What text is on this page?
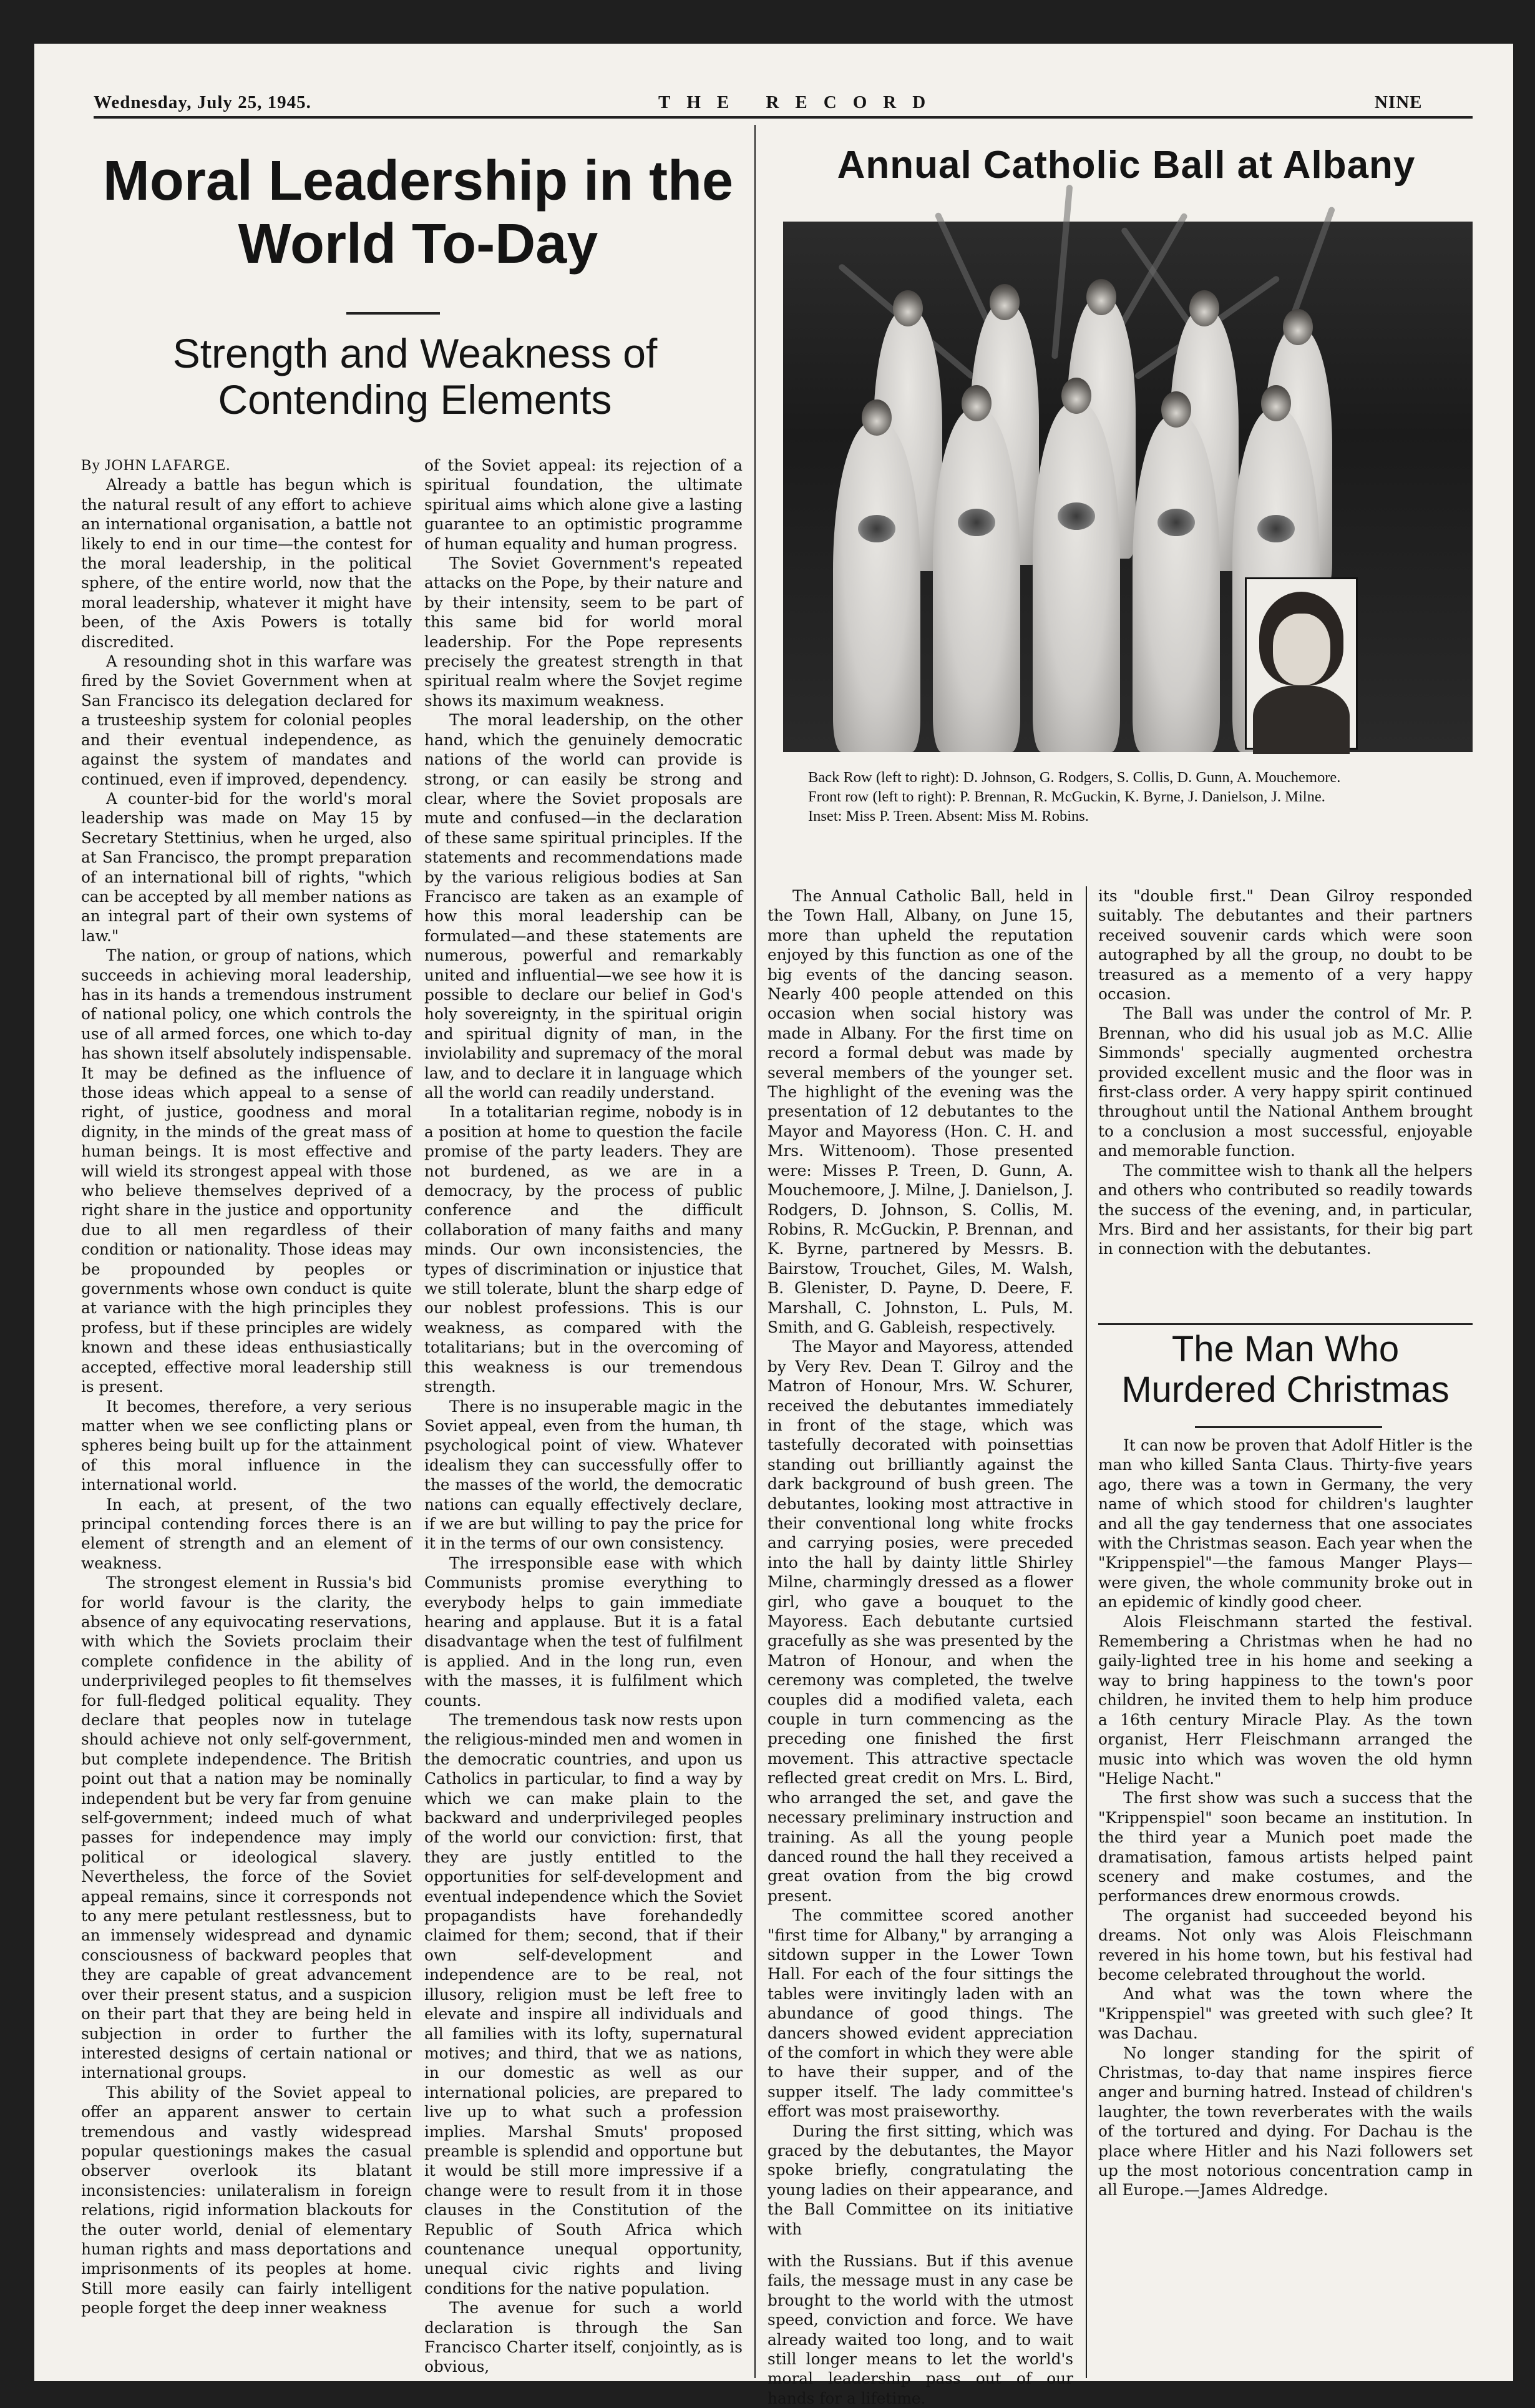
Wednesday, July 25, 1945.	THE RECORD	NINE
Moral Leadership in the
World To-Day
Strength and Weakness of
Contending Elements
By JOHN LAFARGE.

Already a battle has begun which is the natural result of any effort to achieve an international organisation, a battle not likely to end in our time—the contest for the moral leadership, in the political sphere, of the entire world, now that the moral leadership, whatever it might have been, of the Axis Powers is totally discredited.

A resounding shot in this warfare was fired by the Soviet Government when at San Francisco its delegation declared for a trusteeship system for colonial peoples and their eventual independence, as against the system of mandates and continued, even if improved, dependency.

A counter-bid for the world's moral leadership was made on May 15 by Secretary Stettinius, when he urged, also at San Francisco, the prompt preparation of an international bill of rights, "which can be accepted by all member nations as an integral part of their own systems of law."

The nation, or group of nations, which succeeds in achieving moral leadership, has in its hands a tremendous instrument of national policy, one which controls the use of all armed forces, one which to-day has shown itself absolutely indispensable. It may be defined as the influence of those ideas which appeal to a sense of right, of justice, goodness and moral dignity, in the minds of the great mass of human beings. It is most effective and will wield its strongest appeal with those who believe themselves deprived of a right share in the justice and opportunity due to all men regardless of their condition or nationality. Those ideas may be propounded by peoples or governments whose own conduct is quite at variance with the high principles they profess, but if these principles are widely known and these ideas enthusiastically accepted, effective moral leadership still is present.

It becomes, therefore, a very serious matter when we see conflicting plans or spheres being built up for the attainment of this moral influence in the international world.

In each, at present, of the two principal contending forces there is an element of strength and an element of weakness.

The strongest element in Russia's bid for world favour is the clarity, the absence of any equivocating reservations, with which the Soviets proclaim their complete confidence in the ability of underprivileged peoples to fit themselves for full-fledged political equality. They declare that peoples now in tutelage should achieve not only self-government, but complete independence. The British point out that a nation may be nominally independent but be very far from genuine self-government; indeed much of what passes for independence may imply political or ideological slavery. Nevertheless, the force of the Soviet appeal remains, since it corresponds not to any mere petulant restlessness, but to an immensely widespread and dynamic consciousness of backward peoples that they are capable of great advancement over their present status, and a suspicion on their part that they are being held in subjection in order to further the interested designs of certain national or international groups.

This ability of the Soviet appeal to offer an apparent answer to certain tremendous and vastly widespread popular questionings makes the casual observer overlook its blatant inconsistencies: unilateralism in foreign relations, rigid information blackouts for the outer world, denial of elementary human rights and mass deportations and imprisonments of its peoples at home. Still more easily can fairly intelligent people forget the deep inner weakness

of the Soviet appeal: its rejection of a spiritual foundation, the ultimate spiritual aims which alone give a lasting guarantee to an optimistic programme of human equality and human progress.

The Soviet Government's repeated attacks on the Pope, by their nature and by their intensity, seem to be part of this same bid for world moral leadership. For the Pope represents precisely the greatest strength in that spiritual realm where the Sovjet regime shows its maximum weakness.

The moral leadership, on the other hand, which the genuinely democratic nations of the world can provide is strong, or can easily be strong and clear, where the Soviet proposals are mute and confused—in the declaration of these same spiritual principles. If the statements and recommendations made by the various religious bodies at San Francisco are taken as an example of how this moral leadership can be formulated—and these statements are numerous, powerful and remarkably united and influential—we see how it is possible to declare our belief in God's holy sovereignty, in the spiritual origin and spiritual dignity of man, in the inviolability and supremacy of the moral law, and to declare it in language which all the world can readily understand.

In a totalitarian regime, nobody is in a position at home to question the facile promise of the party leaders. They are not burdened, as we are in a democracy, by the process of public conference and the difficult collaboration of many faiths and many minds. Our own inconsistencies, the types of discrimination or injustice that we still tolerate, blunt the sharp edge of our noblest professions. This is our weakness, as compared with the totalitarians; but in the overcoming of this weakness is our tremendous strength.

There is no insuperable magic in the Soviet appeal, even from the human, th psychological point of view. Whatever idealism they can successfully offer to the masses of the world, the democratic nations can equally effectively declare, if we are but willing to pay the price for it in the terms of our own consistency.

The irresponsible ease with which Communists promise everything to everybody helps to gain immediate hearing and applause. But it is a fatal disadvantage when the test of fulfilment is applied. And in the long run, even with the masses, it is fulfilment which counts.

The tremendous task now rests upon the religious-minded men and women in the democratic countries, and upon us Catholics in particular, to find a way by which we can make plain to the backward and underprivileged peoples of the world our conviction: first, that they are justly entitled to the opportunities for self-development and eventual independence which the Soviet propagandists have forehandedly claimed for them; second, that if their own self-development and independence are to be real, not illusory, religion must be left free to elevate and inspire all individuals and all families with its lofty, supernatural motives; and third, that we as nations, in our domestic as well as our international policies, are prepared to live up to what such a profession implies. Marshal Smuts' proposed preamble is splendid and opportune but it would be still more impressive if a change were to result from it in those clauses in the Constitution of the Republic of South Africa which countenance unequal opportunity, unequal civic rights and living conditions for the native population.

The avenue for such a world declaration is through the San Francisco Charter itself, conjointly, as is obvious,

Annual Catholic Ball at Albany
Back Row (left to right): D. Johnson, G. Rodgers, S. Collis, D. Gunn, A. Mouchemore.
Front row (left to right): P. Brennan, R. McGuckin, K. Byrne, J. Danielson, J. Milne.
Inset: Miss P. Treen. Absent: Miss M. Robins.

The Annual Catholic Ball, held in the Town Hall, Albany, on June 15, more than upheld the reputation enjoyed by this function as one of the big events of the dancing season. Nearly 400 people attended on this occasion when social history was made in Albany. For the first time on record a formal debut was made by several members of the younger set. The highlight of the evening was the presentation of 12 debutantes to the Mayor and Mayoress (Hon. C. H. and Mrs. Wittenoom). Those presented were: Misses P. Treen, D. Gunn, A. Mouchemoore, J. Milne, J. Danielson, J. Rodgers, D. Johnson, S. Collis, M. Robins, R. McGuckin, P. Brennan, and K. Byrne, partnered by Messrs. B. Bairstow, Trouchet, Giles, M. Walsh, B. Glenister, D. Payne, D. Deere, F. Marshall, C. Johnston, L. Puls, M. Smith, and G. Gableish, respectively.

The Mayor and Mayoress, attended by Very Rev. Dean T. Gilroy and the Matron of Honour, Mrs. W. Schurer, received the debutantes immediately in front of the stage, which was tastefully decorated with poinsettias standing out brilliantly against the dark background of bush green. The debutantes, looking most attractive in their conventional long white frocks and carrying posies, were preceded into the hall by dainty little Shirley Milne, charmingly dressed as a flower girl, who gave a bouquet to the Mayoress. Each debutante curtsied gracefully as she was presented by the Matron of Honour, and when the ceremony was completed, the twelve couples did a modified valeta, each couple in turn commencing as the preceding one finished the first movement. This attractive spectacle reflected great credit on Mrs. L. Bird, who arranged the set, and gave the necessary preliminary instruction and training. As all the young people danced round the hall they received a great ovation from the big crowd present.

The committee scored another "first time for Albany," by arranging a sitdown supper in the Lower Town Hall. For each of the four sittings the tables were invitingly laden with an abundance of good things. The dancers showed evident appreciation of the comfort in which they were able to have their supper, and of the supper itself. The lady committee's effort was most praiseworthy.

During the first sitting, which was graced by the debutantes, the Mayor spoke briefly, congratulating the young ladies on their appearance, and the Ball Committee on its initiative with

with the Russians. But if this avenue fails, the message must in any case be brought to the world with the utmost speed, conviction and force. We have already waited too long, and to wait still longer means to let the world's moral leadership pass out of our hands for a lifetime.

its "double first." Dean Gilroy responded suitably. The debutantes and their partners received souvenir cards which were soon autographed by all the group, no doubt to be treasured as a memento of a very happy occasion.

The Ball was under the control of Mr. P. Brennan, who did his usual job as M.C. Allie Simmonds' specially augmented orchestra provided excellent music and the floor was in first-class order. A very happy spirit continued throughout until the National Anthem brought to a conclusion a most successful, enjoyable and memorable function.

The committee wish to thank all the helpers and others who contributed so readily towards the success of the evening, and, in particular, Mrs. Bird and her assistants, for their big part in connection with the debutantes.

The Man Who
Murdered Christmas

It can now be proven that Adolf Hitler is the man who killed Santa Claus. Thirty-five years ago, there was a town in Germany, the very name of which stood for children's laughter and all the gay tenderness that one associates with the Christmas season. Each year when the "Krippenspiel"—the famous Manger Plays—were given, the whole community broke out in an epidemic of kindly good cheer.

Alois Fleischmann started the festival. Remembering a Christmas when he had no gaily-lighted tree in his home and seeking a way to bring happiness to the town's poor children, he invited them to help him produce a 16th century Miracle Play. As the town organist, Herr Fleischmann arranged the music into which was woven the old hymn "Helige Nacht."

The first show was such a success that the "Krippenspiel" soon became an institution. In the third year a Munich poet made the dramatisation, famous artists helped paint scenery and make costumes, and the performances drew enormous crowds.

The organist had succeeded beyond his dreams. Not only was Alois Fleischmann revered in his home town, but his festival had become celebrated throughout the world.

And what was the town where the "Krippenspiel" was greeted with such glee? It was Dachau.

No longer standing for the spirit of Christmas, to-day that name inspires fierce anger and burning hatred. Instead of children's laughter, the town reverberates with the wails of the tortured and dying. For Dachau is the place where Hitler and his Nazi followers set up the most notorious concentration camp in all Europe.—James Aldredge.
